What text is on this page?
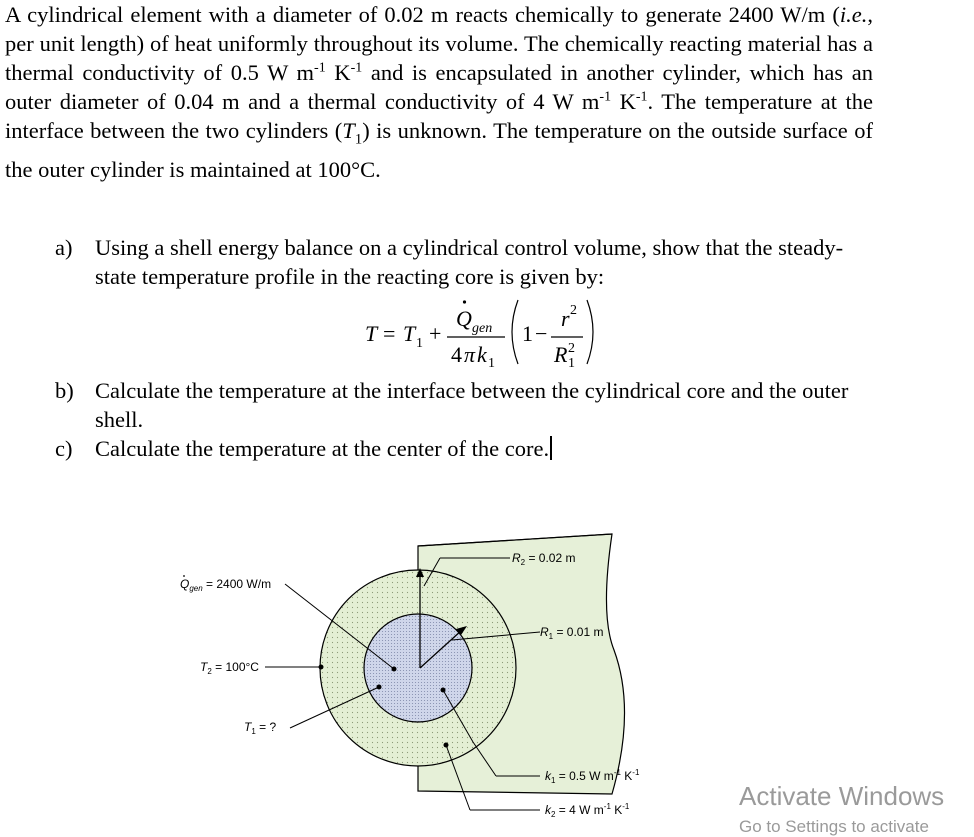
A cylindrical element with a diameter of 0.02 m reacts chemically to generate 2400 W/m (i.e., per unit length) of heat uniformly throughout its volume. The chemically reacting material has a thermal conductivity of 0.5 W $m^{-1}$ $K^{-1}$ and is encapsulated in another cylinder, which has an outer diameter of 0.04 m and a thermal conductivity of 4 W $m^{-1}$ $K^{-1}$. The temperature at the interface between the two cylinders $(T_1)$ is unknown. The temperature on the outside surface of the outer cylinder is maintained at 100°C.
a) Using a shell energy balance on a cylindrical control volume, show that the steady-state temperature profile in the reacting core is given by:
T = T 1 +
Q gen
4 π k 1
1 −
r 2
R 2
1
b) Calculate the temperature at the interface between the cylindrical core and the outer shell.
c) Calculate the temperature at the center of the core.
$Q_{gen} = 2400$ W/m
$T_2 = 100^\circ C$
$T_1$ = ?
$R_2 = 0.02$ m
$R_1 = 0.01$ m
$k_1 = 0.5$ W $m^{-1}$ $K^{-1}$
$k_2 = 4$ W $m^{-1}$ $K^{-1}$	Activate Windows
Go to Settings to activate
